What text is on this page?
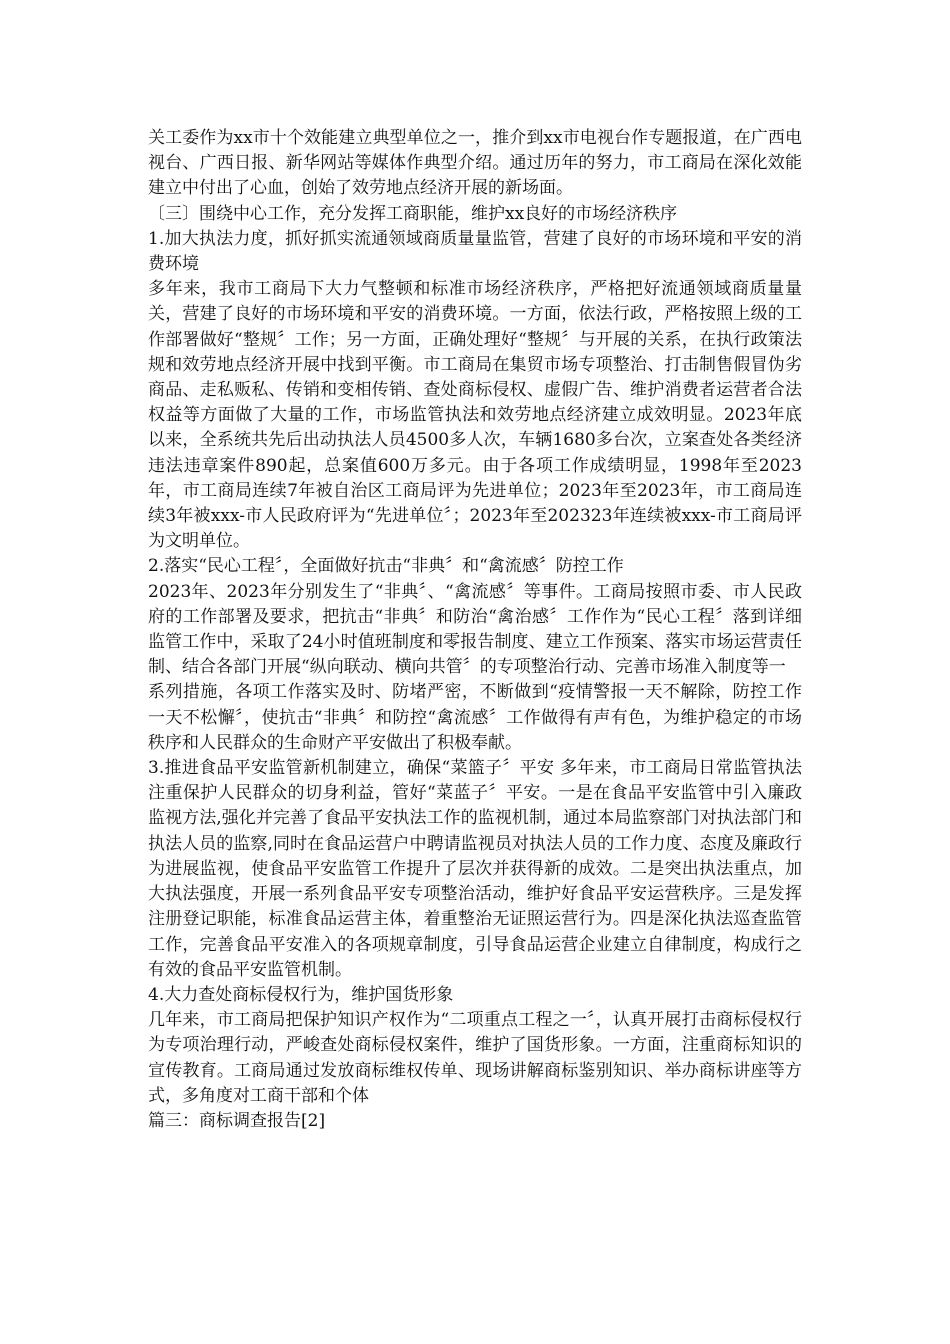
关工委作为xx市十个效能建立典型单位之一，推介到xx市电视台作专题报道，在广西电视台、广西日报、新华网站等媒体作典型介绍。通过历年的努力，市工商局在深化效能建立中付出了心血，创始了效劳地点经济开展的新场面。

〔三〕围绕中心工作，充分发挥工商职能，维护xx良好的市场经济秩序

1.加大执法力度，抓好抓实流通领域商质量量监管，营建了良好的市场环境和平安的消费环境

多年来，我市工商局下大力气整顿和标准市场经济秩序，严格把好流通领域商质量量关，营建了良好的市场环境和平安的消费环境。一方面，依法行政，严格按照上级的工作部署做好“整规〞工作；另一方面，正确处理好“整规〞与开展的关系，在执行政策法规和效劳地点经济开展中找到平衡。市工商局在集贸市场专项整治、打击制售假冒伪劣商品、走私贩私、传销和变相传销、查处商标侵权、虚假广告、维护消费者运营者合法权益等方面做了大量的工作，市场监管执法和效劳地点经济建立成效明显。2023年底以来，全系统共先后出动执法人员4500多人次，车辆1680多台次，立案查处各类经济违法违章案件890起，总案值600万多元。由于各项工作成绩明显，1998年至2023年，市工商局连续7年被自治区工商局评为先进单位；2023年至2023年，市工商局连续3年被xxx-市人民政府评为“先进单位〞；2023年至202323年连续被xxx-市工商局评为文明单位。

2.落实“民心工程〞，全面做好抗击“非典〞和“禽流感〞防控工作

2023年、2023年分别发生了“非典〞、“禽流感〞等事件。工商局按照市委、市人民政府的工作部署及要求，把抗击“非典〞和防治“禽治感〞工作作为“民心工程〞落到详细监管工作中，采取了24小时值班制度和零报告制度、建立工作预案、落实市场运营责任制、结合各部门开展“纵向联动、横向共管〞的专项整治行动、完善市场准入制度等一

系列措施，各项工作落实及时、防堵严密，不断做到“疫情警报一天不解除，防控工作一天不松懈〞，使抗击“非典〞和防控“禽流感〞工作做得有声有色，为维护稳定的市场秩序和人民群众的生命财产平安做出了积极奉献。

3.推进食品平安监管新机制建立，确保“菜篮子〞平安 多年来，市工商局日常监管执法注重保护人民群众的切身利益，管好“菜蓝子〞平安。一是在食品平安监管中引入廉政监视方法,强化并完善了食品平安执法工作的监视机制，通过本局监察部门对执法部门和执法人员的监察,同时在食品运营户中聘请监视员对执法人员的工作力度、态度及廉政行为进展监视，使食品平安监管工作提升了层次并获得新的成效。二是突出执法重点，加大执法强度，开展一系列食品平安专项整治活动，维护好食品平安运营秩序。三是发挥注册登记职能，标准食品运营主体，着重整治无证照运营行为。四是深化执法巡查监管工作，完善食品平安准入的各项规章制度，引导食品运营企业建立自律制度，构成行之有效的食品平安监管机制。

4.大力查处商标侵权行为，维护国货形象

几年来，市工商局把保护知识产权作为“二项重点工程之一〞，认真开展打击商标侵权行为专项治理行动，严峻查处商标侵权案件，维护了国货形象。一方面，注重商标知识的宣传教育。工商局通过发放商标维权传单、现场讲解商标鉴别知识、举办商标讲座等方式，多角度对工商干部和个体

篇三：商标调查报告[2]
